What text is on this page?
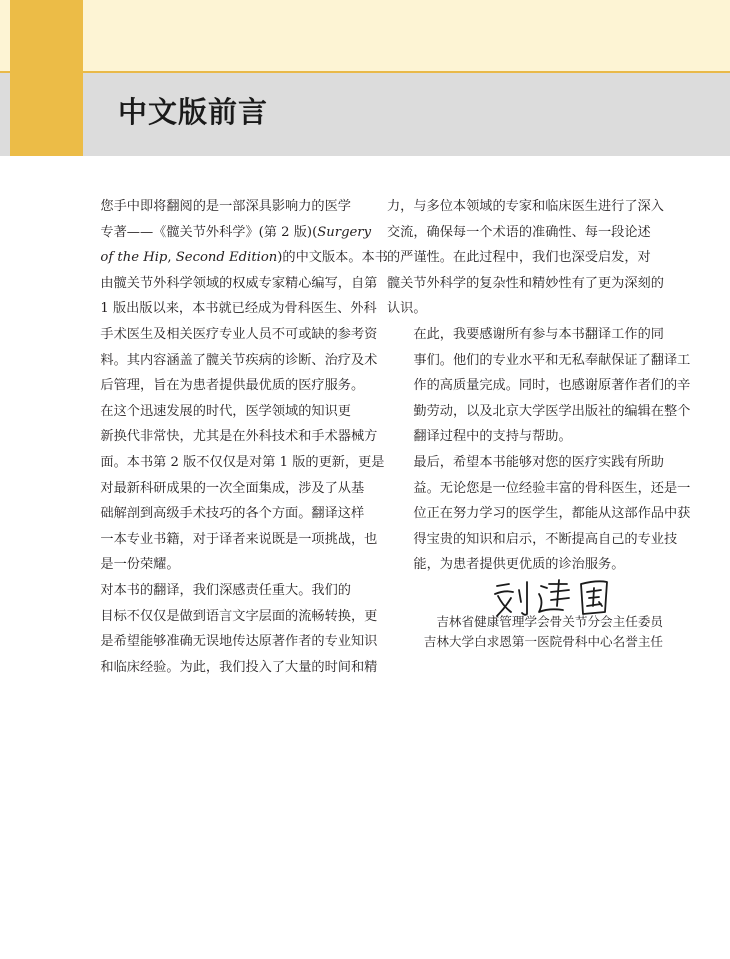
中文版前言

您手中即将翻阅的是一部深具影响力的医学
专著——《髋关节外科学》(第 2 版)(Surgery
of the Hip, Second Edition)的中文版本。本书
由髋关节外科学领域的权威专家精心编写，自第
1 版出版以来，本书就已经成为骨科医生、外科
手术医生及相关医疗专业人员不可或缺的参考资
料。其内容涵盖了髋关节疾病的诊断、治疗及术
后管理，旨在为患者提供最优质的医疗服务。

在这个迅速发展的时代，医学领域的知识更
新换代非常快，尤其是在外科技术和手术器械方
面。本书第 2 版不仅仅是对第 1 版的更新，更是
对最新科研成果的一次全面集成，涉及了从基
础解剖到高级手术技巧的各个方面。翻译这样
一本专业书籍，对于译者来说既是一项挑战，也
是一份荣耀。

对本书的翻译，我们深感责任重大。我们的
目标不仅仅是做到语言文字层面的流畅转换，更
是希望能够准确无误地传达原著作者的专业知识
和临床经验。为此，我们投入了大量的时间和精

力，与多位本领域的专家和临床医生进行了深入
交流，确保每一个术语的准确性、每一段论述
的严谨性。在此过程中，我们也深受启发，对
髋关节外科学的复杂性和精妙性有了更为深刻的
认识。

在此，我要感谢所有参与本书翻译工作的同
事们。他们的专业水平和无私奉献保证了翻译工
作的高质量完成。同时，也感谢原著作者们的辛
勤劳动，以及北京大学医学出版社的编辑在整个
翻译过程中的支持与帮助。

最后，希望本书能够对您的医疗实践有所助
益。无论您是一位经验丰富的骨科医生，还是一
位正在努力学习的医学生，都能从这部作品中获
得宝贵的知识和启示，不断提高自己的专业技
能，为患者提供更优质的诊治服务。

吉林省健康管理学会骨关节分会主任委员
吉林大学白求恩第一医院骨科中心名誉主任
